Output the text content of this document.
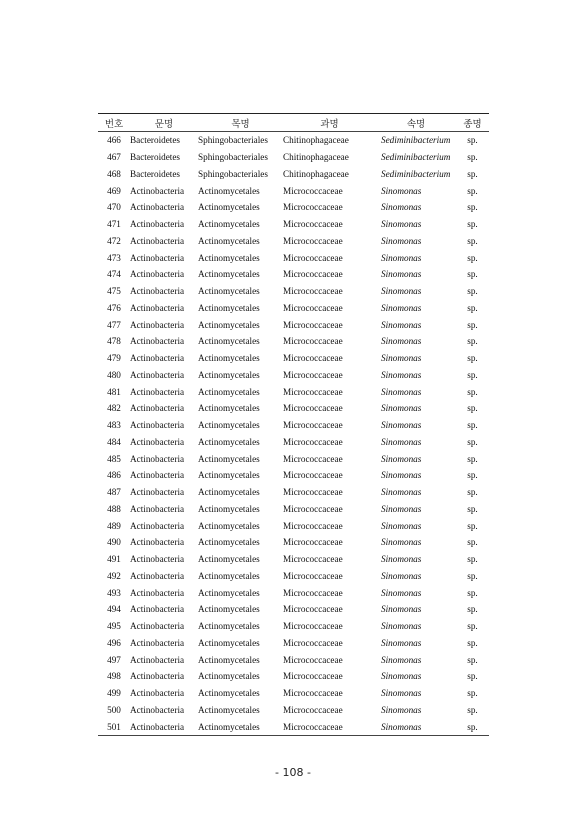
번호	문명	목명	과명	속명	종명
466	Bacteroidetes	Sphingobacteriales	Chitinophagaceae	Sediminibacterium	sp.
467	Bacteroidetes	Sphingobacteriales	Chitinophagaceae	Sediminibacterium	sp.
468	Bacteroidetes	Sphingobacteriales	Chitinophagaceae	Sediminibacterium	sp.
469	Actinobacteria	Actinomycetales	Micrococcaceae	Sinomonas	sp.
470	Actinobacteria	Actinomycetales	Micrococcaceae	Sinomonas	sp.
471	Actinobacteria	Actinomycetales	Micrococcaceae	Sinomonas	sp.
472	Actinobacteria	Actinomycetales	Micrococcaceae	Sinomonas	sp.
473	Actinobacteria	Actinomycetales	Micrococcaceae	Sinomonas	sp.
474	Actinobacteria	Actinomycetales	Micrococcaceae	Sinomonas	sp.
475	Actinobacteria	Actinomycetales	Micrococcaceae	Sinomonas	sp.
476	Actinobacteria	Actinomycetales	Micrococcaceae	Sinomonas	sp.
477	Actinobacteria	Actinomycetales	Micrococcaceae	Sinomonas	sp.
478	Actinobacteria	Actinomycetales	Micrococcaceae	Sinomonas	sp.
479	Actinobacteria	Actinomycetales	Micrococcaceae	Sinomonas	sp.
480	Actinobacteria	Actinomycetales	Micrococcaceae	Sinomonas	sp.
481	Actinobacteria	Actinomycetales	Micrococcaceae	Sinomonas	sp.
482	Actinobacteria	Actinomycetales	Micrococcaceae	Sinomonas	sp.
483	Actinobacteria	Actinomycetales	Micrococcaceae	Sinomonas	sp.
484	Actinobacteria	Actinomycetales	Micrococcaceae	Sinomonas	sp.
485	Actinobacteria	Actinomycetales	Micrococcaceae	Sinomonas	sp.
486	Actinobacteria	Actinomycetales	Micrococcaceae	Sinomonas	sp.
487	Actinobacteria	Actinomycetales	Micrococcaceae	Sinomonas	sp.
488	Actinobacteria	Actinomycetales	Micrococcaceae	Sinomonas	sp.
489	Actinobacteria	Actinomycetales	Micrococcaceae	Sinomonas	sp.
490	Actinobacteria	Actinomycetales	Micrococcaceae	Sinomonas	sp.
491	Actinobacteria	Actinomycetales	Micrococcaceae	Sinomonas	sp.
492	Actinobacteria	Actinomycetales	Micrococcaceae	Sinomonas	sp.
493	Actinobacteria	Actinomycetales	Micrococcaceae	Sinomonas	sp.
494	Actinobacteria	Actinomycetales	Micrococcaceae	Sinomonas	sp.
495	Actinobacteria	Actinomycetales	Micrococcaceae	Sinomonas	sp.
496	Actinobacteria	Actinomycetales	Micrococcaceae	Sinomonas	sp.
497	Actinobacteria	Actinomycetales	Micrococcaceae	Sinomonas	sp.
498	Actinobacteria	Actinomycetales	Micrococcaceae	Sinomonas	sp.
499	Actinobacteria	Actinomycetales	Micrococcaceae	Sinomonas	sp.
500	Actinobacteria	Actinomycetales	Micrococcaceae	Sinomonas	sp.
501	Actinobacteria	Actinomycetales	Micrococcaceae	Sinomonas	sp.
- 108 -
